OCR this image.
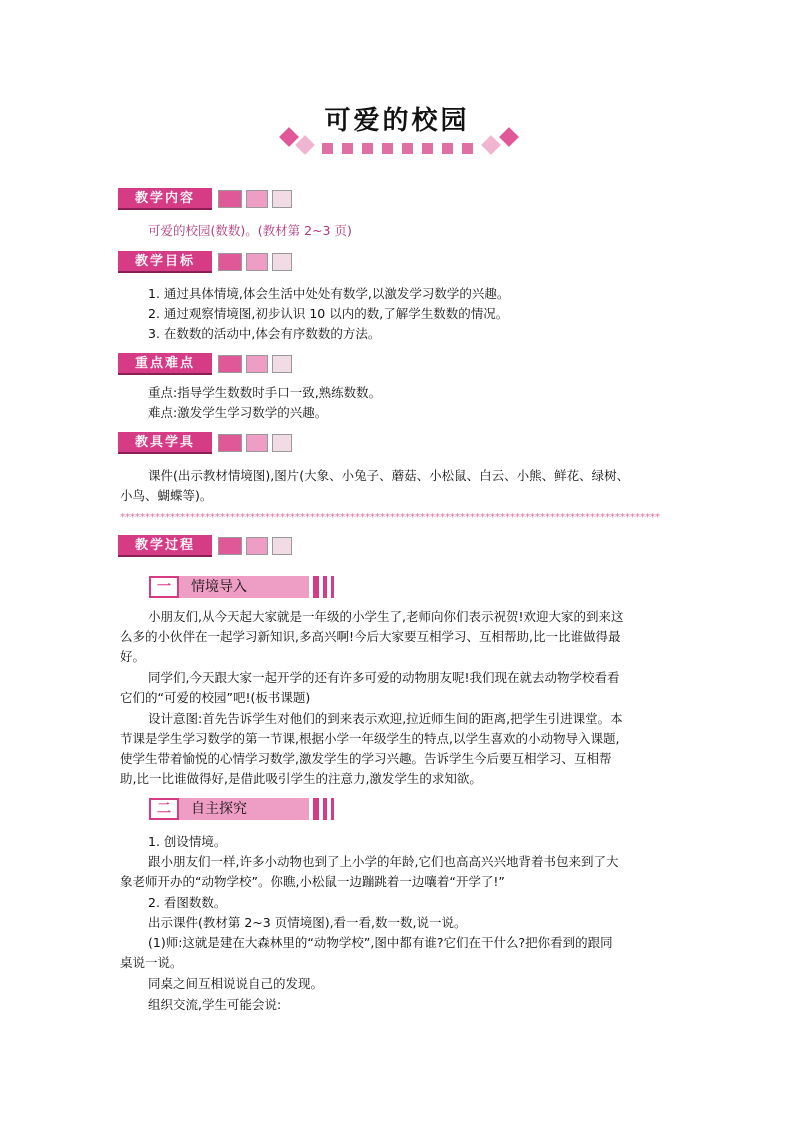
可爱的校园
教学内容
可爱的校园(数数)。(教材第 2~3 页)
教学目标
1. 通过具体情境,体会生活中处处有数学,以激发学习数学的兴趣。
2. 通过观察情境图,初步认识 10 以内的数,了解学生数数的情况。
3. 在数数的活动中,体会有序数数的方法。
重点难点
重点:指导学生数数时手口一致,熟练数数。
难点:激发学生学习数学的兴趣。
教具学具
课件(出示教材情境图),图片(大象、小兔子、蘑菇、小松鼠、白云、小熊、鲜花、绿树、
小鸟、蝴蝶等)。
************************************************************************************************************
教学过程
一	情境导入
小朋友们,从今天起大家就是一年级的小学生了,老师向你们表示祝贺!欢迎大家的到来这
么多的小伙伴在一起学习新知识,多高兴啊!今后大家要互相学习、互相帮助,比一比谁做得最
好。
同学们,今天跟大家一起开学的还有许多可爱的动物朋友呢!我们现在就去动物学校看看
它们的“可爱的校园”吧!(板书课题)
设计意图:首先告诉学生对他们的到来表示欢迎,拉近师生间的距离,把学生引进课堂。本
节课是学生学习数学的第一节课,根据小学一年级学生的特点,以学生喜欢的小动物导入课题,
使学生带着愉悦的心情学习数学,激发学生的学习兴趣。告诉学生今后要互相学习、互相帮
助,比一比谁做得好,是借此吸引学生的注意力,激发学生的求知欲。
二	自主探究
1. 创设情境。
跟小朋友们一样,许多小动物也到了上小学的年龄,它们也高高兴兴地背着书包来到了大
象老师开办的“动物学校”。你瞧,小松鼠一边蹦跳着一边嚷着“开学了!”
2. 看图数数。
出示课件(教材第 2~3 页情境图),看一看,数一数,说一说。
(1)师:这就是建在大森林里的“动物学校”,图中都有谁?它们在干什么?把你看到的跟同
桌说一说。
同桌之间互相说说自己的发现。
组织交流,学生可能会说:
